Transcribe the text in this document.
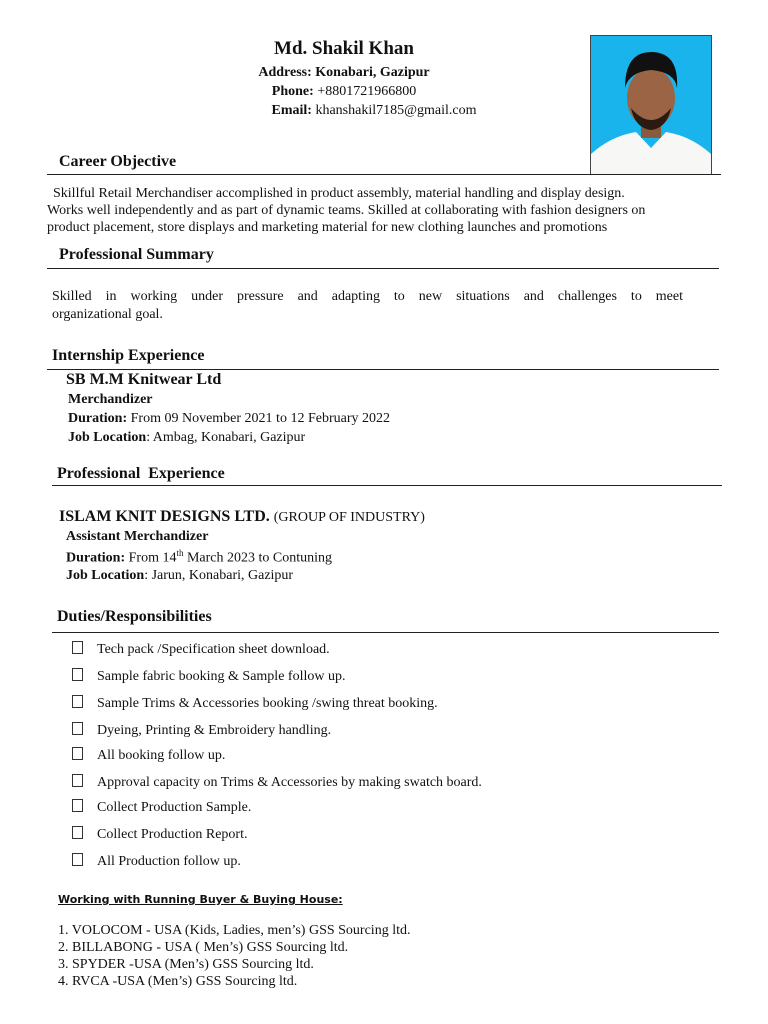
Md. Shakil Khan
Address: Konabari, Gazipur
Phone: +8801721966800
Email: khanshakil7185@gmail.com
Career Objective
Skillful Retail Merchandiser accomplished in product assembly, material handling and display design.
Works well independently and as part of dynamic teams. Skilled at collaborating with fashion designers on
product placement, store displays and marketing material for new clothing launches and promotions
Professional Summary
Skilled in working under pressure and adapting to new situations and challenges to meet
organizational goal.
Internship Experience
SB M.M Knitwear Ltd
Merchandizer
Duration: From 09 November 2021 to 12 February 2022
Job Location: Ambag, Konabari, Gazipur
Professional  Experience
ISLAM KNIT DESIGNS LTD. (GROUP OF INDUSTRY)
Assistant Merchandizer
Duration: From 14th March 2023 to Contuning
Job Location: Jarun, Konabari, Gazipur
Duties/Responsibilities
Tech pack /Specification sheet download.
Sample fabric booking & Sample follow up.
Sample Trims & Accessories booking /swing threat booking.
Dyeing, Printing & Embroidery handling.
All booking follow up.
Approval capacity on Trims & Accessories by making swatch board.
Collect Production Sample.
Collect Production Report.
All Production follow up.
Working with Running Buyer & Buying House:
1. VOLOCOM - USA (Kids, Ladies, men’s) GSS Sourcing ltd.
2. BILLABONG - USA ( Men’s) GSS Sourcing ltd.
3. SPYDER -USA (Men’s) GSS Sourcing ltd.
4. RVCA -USA (Men’s) GSS Sourcing ltd.
